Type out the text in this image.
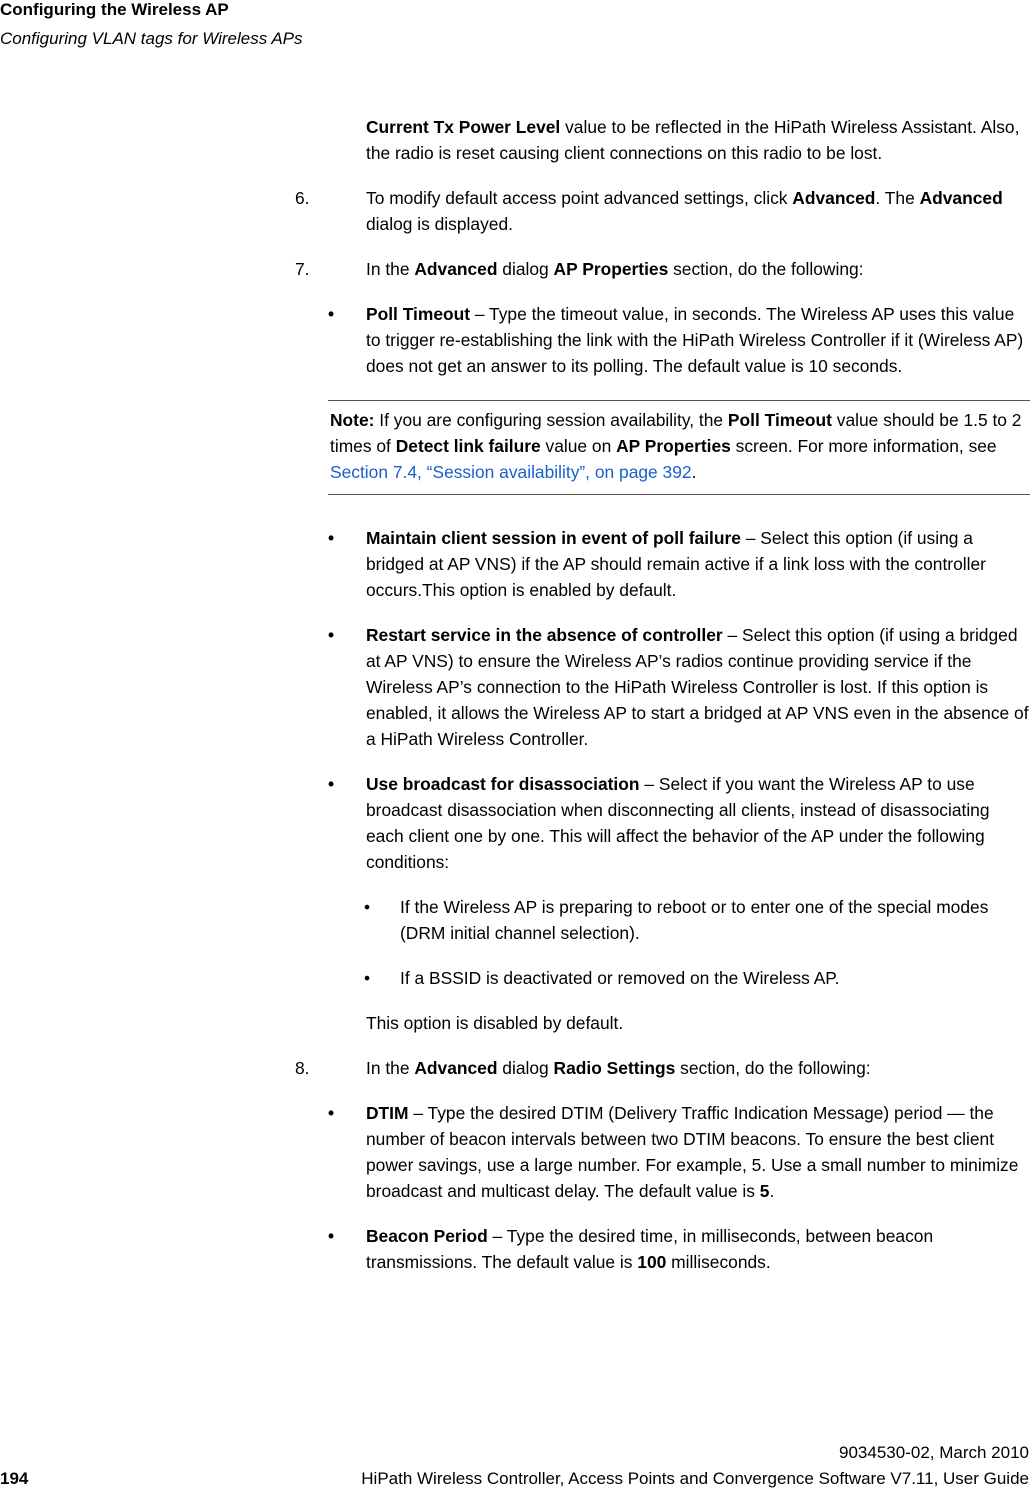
Configuring the Wireless AP
Configuring VLAN tags for Wireless APs

Current Tx Power Level value to be reflected in the HiPath Wireless Assistant. Also, the radio is reset causing client connections on this radio to be lost.

6.	To modify default access point advanced settings, click Advanced. The Advanced dialog is displayed.

7.	In the Advanced dialog AP Properties section, do the following:

• Poll Timeout – Type the timeout value, in seconds. The Wireless AP uses this value to trigger re-establishing the link with the HiPath Wireless Controller if it (Wireless AP) does not get an answer to its polling. The default value is 10 seconds.

Note: If you are configuring session availability, the Poll Timeout value should be 1.5 to 2 times of Detect link failure value on AP Properties screen. For more information, see Section 7.4, “Session availability”, on page 392.

• Maintain client session in event of poll failure – Select this option (if using a bridged at AP VNS) if the AP should remain active if a link loss with the controller occurs.This option is enabled by default.

• Restart service in the absence of controller – Select this option (if using a bridged at AP VNS) to ensure the Wireless AP’s radios continue providing service if the Wireless AP’s connection to the HiPath Wireless Controller is lost. If this option is enabled, it allows the Wireless AP to start a bridged at AP VNS even in the absence of a HiPath Wireless Controller.

• Use broadcast for disassociation – Select if you want the Wireless AP to use broadcast disassociation when disconnecting all clients, instead of disassociating each client one by one. This will affect the behavior of the AP under the following conditions:

• If the Wireless AP is preparing to reboot or to enter one of the special modes (DRM initial channel selection).

• If a BSSID is deactivated or removed on the Wireless AP.

This option is disabled by default.

8.	In the Advanced dialog Radio Settings section, do the following:

• DTIM – Type the desired DTIM (Delivery Traffic Indication Message) period — the number of beacon intervals between two DTIM beacons. To ensure the best client power savings, use a large number. For example, 5. Use a small number to minimize broadcast and multicast delay. The default value is 5.

• Beacon Period – Type the desired time, in milliseconds, between beacon transmissions. The default value is 100 milliseconds.

9034530-02, March 2010
194	HiPath Wireless Controller, Access Points and Convergence Software V7.11, User Guide
